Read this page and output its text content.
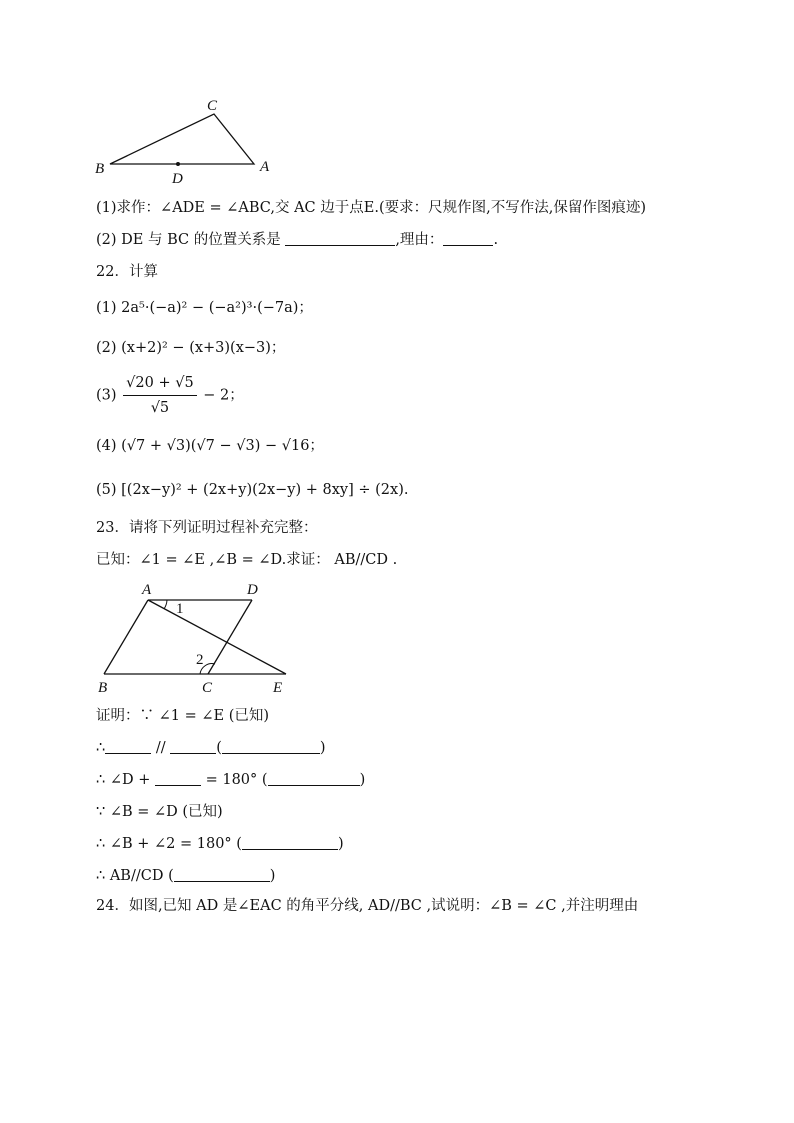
C
B	A
D
(1)求作：∠ADE = ∠ABC,交 AC 边于点E.(要求：尺规作图,不写作法,保留作图痕迹)
(2) DE 与 BC 的位置关系是	,理由：	.
22．计算
(1) 2a⁵·(−a)² − (−a²)³·(−7a)；
(2) (x+2)² − (x+3)(x−3)；
$(3) \frac{√20 + √5}{√5} - 2$；
(4) (√7 + √3)(√7 − √3) − √16；
(5) [(2x−y)² + (2x+y)(2x−y) + 8xy] ÷ (2x).
23．请将下列证明过程补充完整：
已知：∠1 = ∠E ,∠B = ∠D.求证： AB//CD .
A	D
B	C	E
1
2
证明：∵ ∠1 = ∠E (已知)
∴	//	(	)
∴ ∠D +	= 180° (	)
∵ ∠B = ∠D (已知)
∴ ∠B + ∠2 = 180° (	)
∴ AB//CD (	)
24．如图,已知 AD 是∠EAC 的角平分线, AD//BC ,试说明：∠B = ∠C ,并注明理由
